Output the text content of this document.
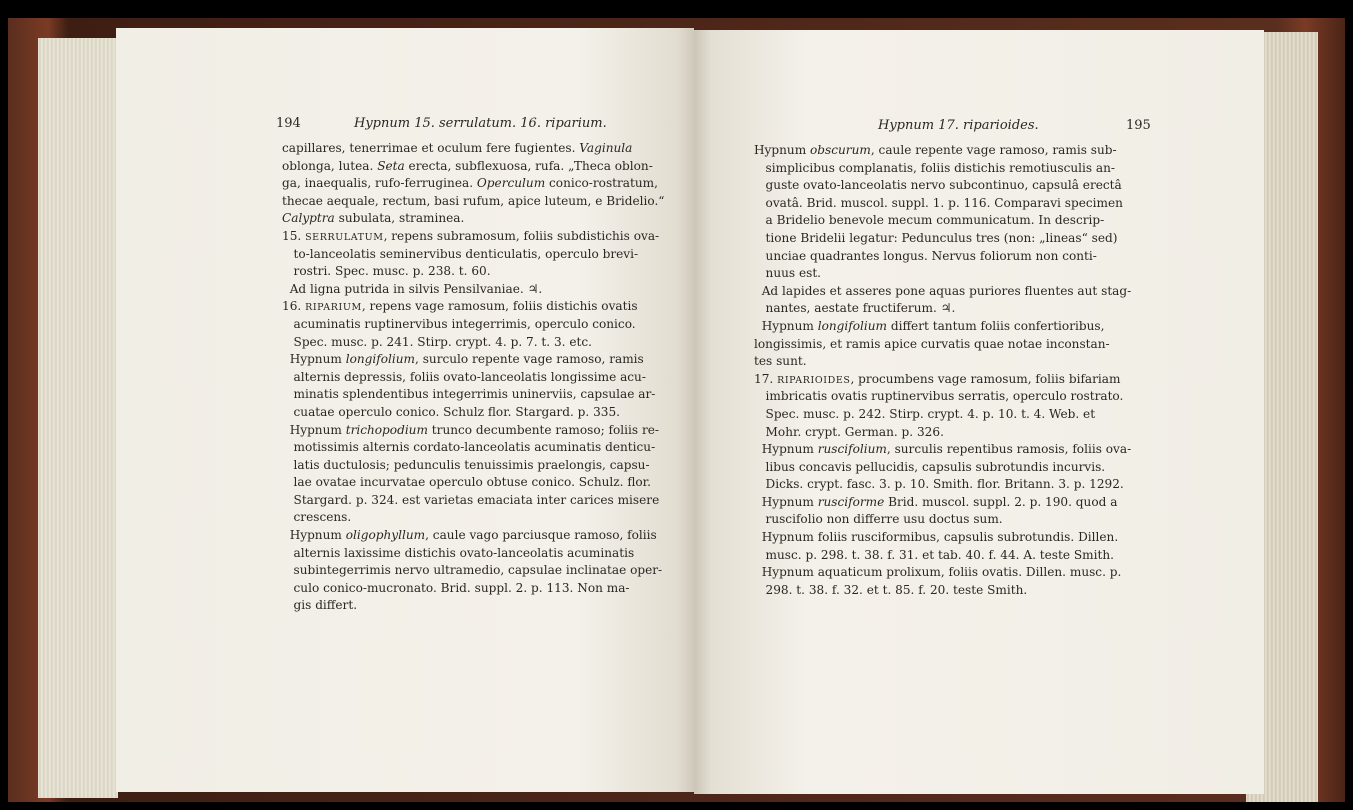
194	Hypnum 15. serrulatum. 16. riparium.
capillares, tenerrimae et oculum fere fugientes. Vaginula
oblonga, lutea. Seta erecta, subflexuosa, rufa. „Theca oblon-
ga, inaequalis, rufo-ferruginea. Operculum conico-rostratum,
thecae aequale, rectum, basi rufum, apice luteum, e Bridelio.“
Calyptra subulata, straminea.
15. SERRULATUM, repens subramosum, foliis subdistichis ova-
to-lanceolatis seminervibus denticulatis, operculo brevi-
rostri. Spec. musc. p. 238. t. 60.
Ad ligna putrida in silvis Pensilvaniae. ♃.
16. RIPARIUM, repens vage ramosum, foliis distichis ovatis
acuminatis ruptinervibus integerrimis, operculo conico.
Spec. musc. p. 241. Stirp. crypt. 4. p. 7. t. 3. etc.
Hypnum longifolium, surculo repente vage ramoso, ramis
alternis depressis, foliis ovato-lanceolatis longissime acu-
minatis splendentibus integerrimis uninerviis, capsulae ar-
cuatae operculo conico. Schulz flor. Stargard. p. 335.
Hypnum trichopodium trunco decumbente ramoso; foliis re-
motissimis alternis cordato-lanceolatis acuminatis denticu-
latis ductulosis; pedunculis tenuissimis praelongis, capsu-
lae ovatae incurvatae operculo obtuse conico. Schulz. flor.
Stargard. p. 324. est varietas emaciata inter carices misere
crescens.
Hypnum oligophyllum, caule vago parciusque ramoso, foliis
alternis laxissime distichis ovato-lanceolatis acuminatis
subintegerrimis nervo ultramedio, capsulae inclinatae oper-
culo conico-mucronato. Brid. suppl. 2. p. 113. Non ma-
gis differt.
Hypnum 17. riparioides.	195
Hypnum obscurum, caule repente vage ramoso, ramis sub-
simplicibus complanatis, foliis distichis remotiusculis an-
guste ovato-lanceolatis nervo subcontinuo, capsulâ erectâ
ovatâ. Brid. muscol. suppl. 1. p. 116. Comparavi specimen
a Bridelio benevole mecum communicatum. In descrip-
tione Bridelii legatur: Pedunculus tres (non: „lineas“ sed)
unciae quadrantes longus. Nervus foliorum non conti-
nuus est.
Ad lapides et asseres pone aquas puriores fluentes aut stag-
nantes, aestate fructiferum. ♃.
Hypnum longifolium differt tantum foliis confertioribus,
longissimis, et ramis apice curvatis quae notae inconstan-
tes sunt.
17. RIPARIOIDES, procumbens vage ramosum, foliis bifariam
imbricatis ovatis ruptinervibus serratis, operculo rostrato.
Spec. musc. p. 242. Stirp. crypt. 4. p. 10. t. 4. Web. et
Mohr. crypt. German. p. 326.
Hypnum ruscifolium, surculis repentibus ramosis, foliis ova-
libus concavis pellucidis, capsulis subrotundis incurvis.
Dicks. crypt. fasc. 3. p. 10. Smith. flor. Britann. 3. p. 1292.
Hypnum rusciforme Brid. muscol. suppl. 2. p. 190. quod a
ruscifolio non differre usu doctus sum.
Hypnum foliis rusciformibus, capsulis subrotundis. Dillen.
musc. p. 298. t. 38. f. 31. et tab. 40. f. 44. A. teste Smith.
Hypnum aquaticum prolixum, foliis ovatis. Dillen. musc. p.
298. t. 38. f. 32. et t. 85. f. 20. teste Smith.
